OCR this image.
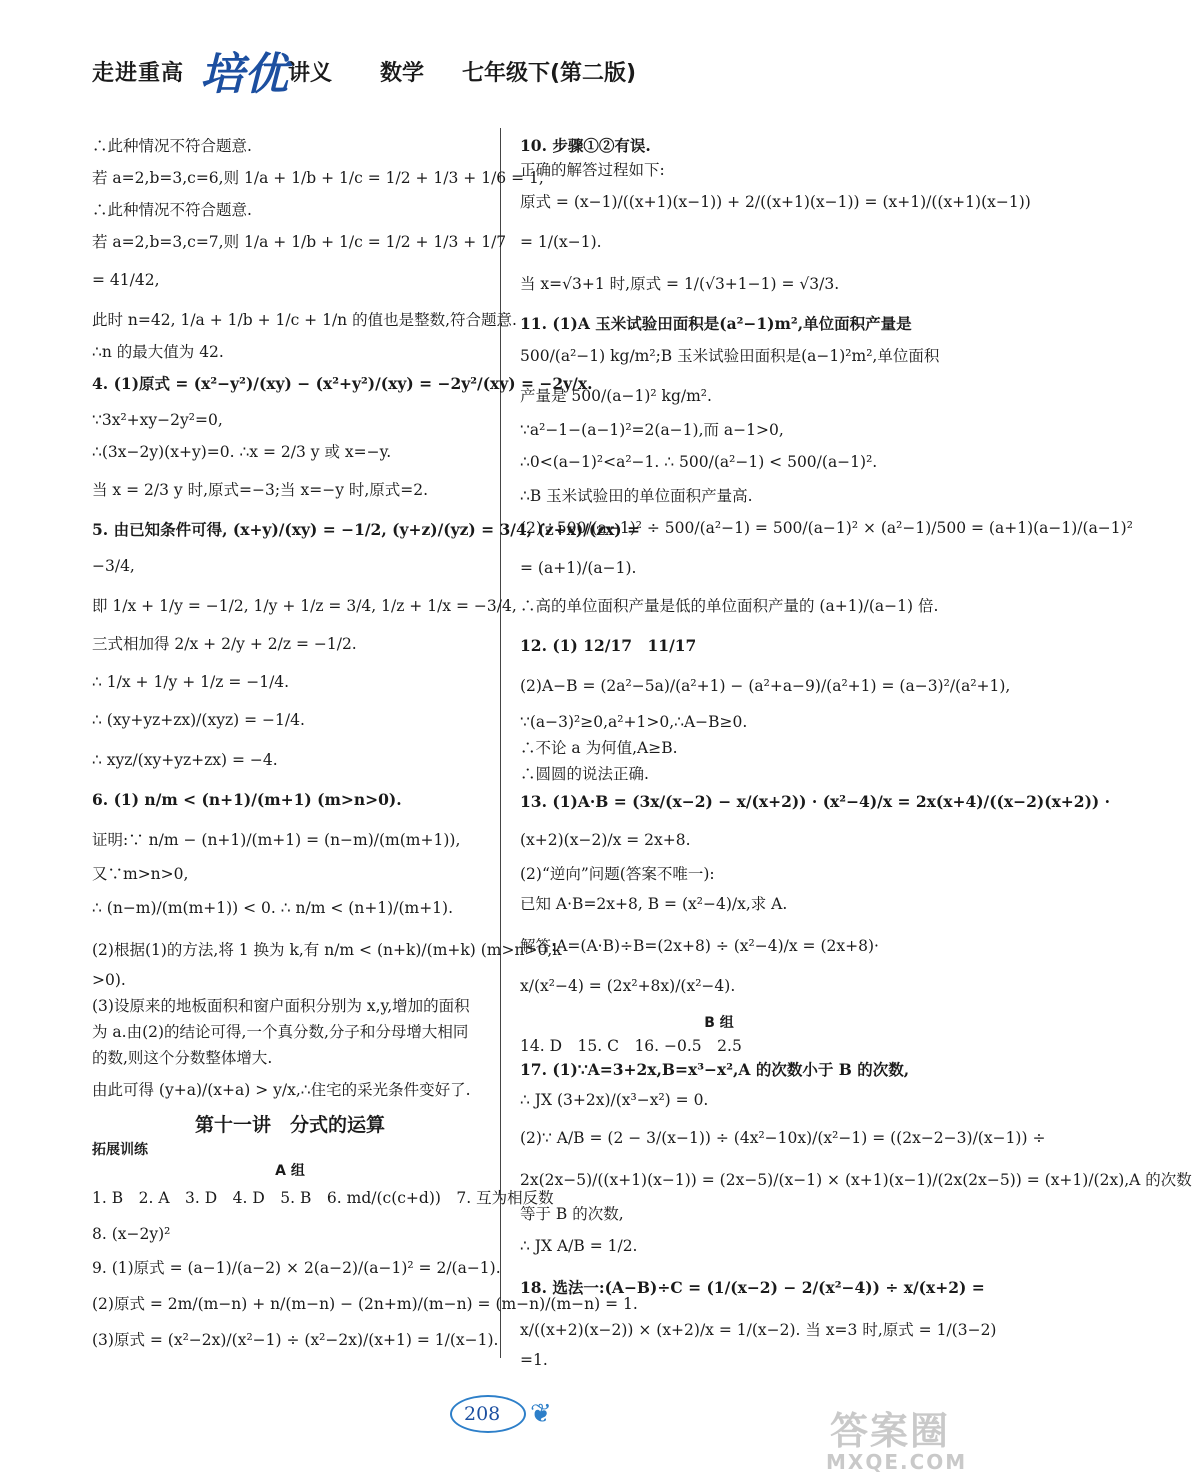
走进重高 培优 讲义 数学 七年级下(第二版)
∴此种情况不符合题意.
若 a=2,b=3,c=6,则 1/a + 1/b + 1/c = 1/2 + 1/3 + 1/6 = 1,
∴此种情况不符合题意.
若 a=2,b=3,c=7,则 1/a + 1/b + 1/c = 1/2 + 1/3 + 1/7
= 41/42,
此时 n=42, 1/a + 1/b + 1/c + 1/n 的值也是整数,符合题意.
∴n 的最大值为 42.
4. (1)原式 = (x²−y²)/(xy) − (x²+y²)/(xy) = −2y²/(xy) = −2y/x.
∵3x²+xy−2y²=0,
∴(3x−2y)(x+y)=0. ∴x = 2/3 y 或 x=−y.
当 x = 2/3 y 时,原式=−3;当 x=−y 时,原式=2.
5. 由已知条件可得, (x+y)/(xy) = −1/2, (y+z)/(yz) = 3/4, (z+x)/(zx) =
−3/4,
即 1/x + 1/y = −1/2, 1/y + 1/z = 3/4, 1/z + 1/x = −3/4,
三式相加得 2/x + 2/y + 2/z = −1/2.
∴ 1/x + 1/y + 1/z = −1/4.
∴ (xy+yz+zx)/(xyz) = −1/4.
∴ xyz/(xy+yz+zx) = −4.
6. (1) n/m < (n+1)/(m+1) (m>n>0).
证明:∵ n/m − (n+1)/(m+1) = (n−m)/(m(m+1)),
又∵m>n>0,
∴ (n−m)/(m(m+1)) < 0. ∴ n/m < (n+1)/(m+1).
(2)根据(1)的方法,将 1 换为 k,有 n/m < (n+k)/(m+k) (m>n>0,k
>0).
(3)设原来的地板面积和窗户面积分别为 x,y,增加的面积
为 a.由(2)的结论可得,一个真分数,分子和分母增大相同
的数,则这个分数整体增大.
由此可得 (y+a)/(x+a) > y/x,∴住宅的采光条件变好了.
第十一讲　分式的运算
拓展训练
A 组
1. B　2. A　3. D　4. D　5. B　6. md/(c(c+d))　7. 互为相反数
8. (x−2y)²
9. (1)原式 = (a−1)/(a−2) × 2(a−2)/(a−1)² = 2/(a−1).
(2)原式 = 2m/(m−n) + n/(m−n) − (2n+m)/(m−n) = (m−n)/(m−n) = 1.
(3)原式 = (x²−2x)/(x²−1) ÷ (x²−2x)/(x+1) = 1/(x−1).
10. 步骤①②有误.
正确的解答过程如下:
原式 = (x−1)/((x+1)(x−1)) + 2/((x+1)(x−1)) = (x+1)/((x+1)(x−1))
= 1/(x−1).
当 x=√3+1 时,原式 = 1/(√3+1−1) = √3/3.
11. (1)A 玉米试验田面积是(a²−1)m²,单位面积产量是
500/(a²−1) kg/m²;B 玉米试验田面积是(a−1)²m²,单位面积
产量是 500/(a−1)² kg/m².
∵a²−1−(a−1)²=2(a−1),而 a−1>0,
∴0<(a−1)²<a²−1. ∴ 500/(a²−1) < 500/(a−1)².
∴B 玉米试验田的单位面积产量高.
(2)∵ 500/(a−1)² ÷ 500/(a²−1) = 500/(a−1)² × (a²−1)/500 = (a+1)(a−1)/(a−1)²
= (a+1)/(a−1).
∴高的单位面积产量是低的单位面积产量的 (a+1)/(a−1) 倍.
12. (1) 12/17　11/17
(2)A−B = (2a²−5a)/(a²+1) − (a²+a−9)/(a²+1) = (a−3)²/(a²+1),
∵(a−3)²≥0,a²+1>0,∴A−B≥0.
∴不论 a 为何值,A≥B.
∴圆圆的说法正确.
13. (1)A·B = (3x/(x−2) − x/(x+2)) · (x²−4)/x = 2x(x+4)/((x−2)(x+2)) ·
(x+2)(x−2)/x = 2x+8.
(2)“逆向”问题(答案不唯一):
已知 A·B=2x+8, B = (x²−4)/x,求 A.
解答:A=(A·B)÷B=(2x+8) ÷ (x²−4)/x = (2x+8)·
x/(x²−4) = (2x²+8x)/(x²−4).
B 组
14. D　15. C　16. −0.5　2.5
17. (1)∵A=3+2x,B=x³−x²,A 的次数小于 B 的次数,
∴ JX (3+2x)/(x³−x²) = 0.
(2)∵ A/B = (2 − 3/(x−1)) ÷ (4x²−10x)/(x²−1) = ((2x−2−3)/(x−1)) ÷
2x(2x−5)/((x+1)(x−1)) = (2x−5)/(x−1) × (x+1)(x−1)/(2x(2x−5)) = (x+1)/(2x),A 的次数
等于 B 的次数,
∴ JX A/B = 1/2.
18. 选法一:(A−B)÷C = (1/(x−2) − 2/(x²−4)) ÷ x/(x+2) =
x/((x+2)(x−2)) × (x+2)/x = 1/(x−2). 当 x=3 时,原式 = 1/(3−2)
=1.
208 ❦	答案圈
MXQE.COM
